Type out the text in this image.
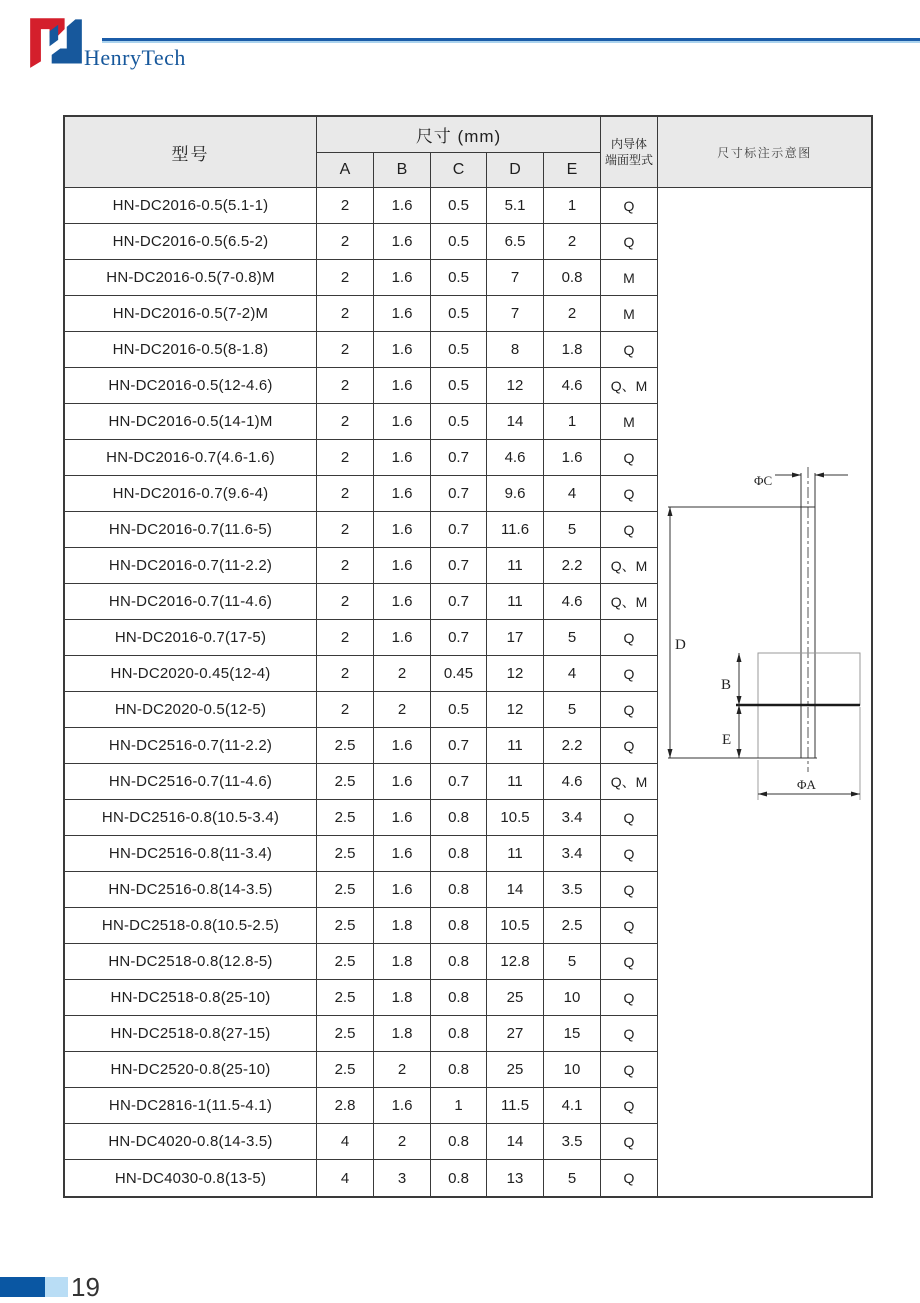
HenryTech
型号
尺寸 (mm)
A	B	C	D	E
内导体
端面型式
尺寸标注示意图
ΦC
D
B
E
ΦA
HN-DC2016-0.5(5.1-1)	2	1.6	0.5	5.1	1	Q
HN-DC2016-0.5(6.5-2)	2	1.6	0.5	6.5	2	Q
HN-DC2016-0.5(7-0.8)M	2	1.6	0.5	7	0.8	M
HN-DC2016-0.5(7-2)M	2	1.6	0.5	7	2	M
HN-DC2016-0.5(8-1.8)	2	1.6	0.5	8	1.8	Q
HN-DC2016-0.5(12-4.6)	2	1.6	0.5	12	4.6	Q、M
HN-DC2016-0.5(14-1)M	2	1.6	0.5	14	1	M
HN-DC2016-0.7(4.6-1.6)	2	1.6	0.7	4.6	1.6	Q
HN-DC2016-0.7(9.6-4)	2	1.6	0.7	9.6	4	Q
HN-DC2016-0.7(11.6-5)	2	1.6	0.7	11.6	5	Q
HN-DC2016-0.7(11-2.2)	2	1.6	0.7	11	2.2	Q、M
HN-DC2016-0.7(11-4.6)	2	1.6	0.7	11	4.6	Q、M
HN-DC2016-0.7(17-5)	2	1.6	0.7	17	5	Q
HN-DC2020-0.45(12-4)	2	2	0.45	12	4	Q
HN-DC2020-0.5(12-5)	2	2	0.5	12	5	Q
HN-DC2516-0.7(11-2.2)	2.5	1.6	0.7	11	2.2	Q
HN-DC2516-0.7(11-4.6)	2.5	1.6	0.7	11	4.6	Q、M
HN-DC2516-0.8(10.5-3.4)	2.5	1.6	0.8	10.5	3.4	Q
HN-DC2516-0.8(11-3.4)	2.5	1.6	0.8	11	3.4	Q
HN-DC2516-0.8(14-3.5)	2.5	1.6	0.8	14	3.5	Q
HN-DC2518-0.8(10.5-2.5)	2.5	1.8	0.8	10.5	2.5	Q
HN-DC2518-0.8(12.8-5)	2.5	1.8	0.8	12.8	5	Q
HN-DC2518-0.8(25-10)	2.5	1.8	0.8	25	10	Q
HN-DC2518-0.8(27-15)	2.5	1.8	0.8	27	15	Q
HN-DC2520-0.8(25-10)	2.5	2	0.8	25	10	Q
HN-DC2816-1(11.5-4.1)	2.8	1.6	1	11.5	4.1	Q
HN-DC4020-0.8(14-3.5)	4	2	0.8	14	3.5	Q
HN-DC4030-0.8(13-5)	4	3	0.8	13	5	Q
19
